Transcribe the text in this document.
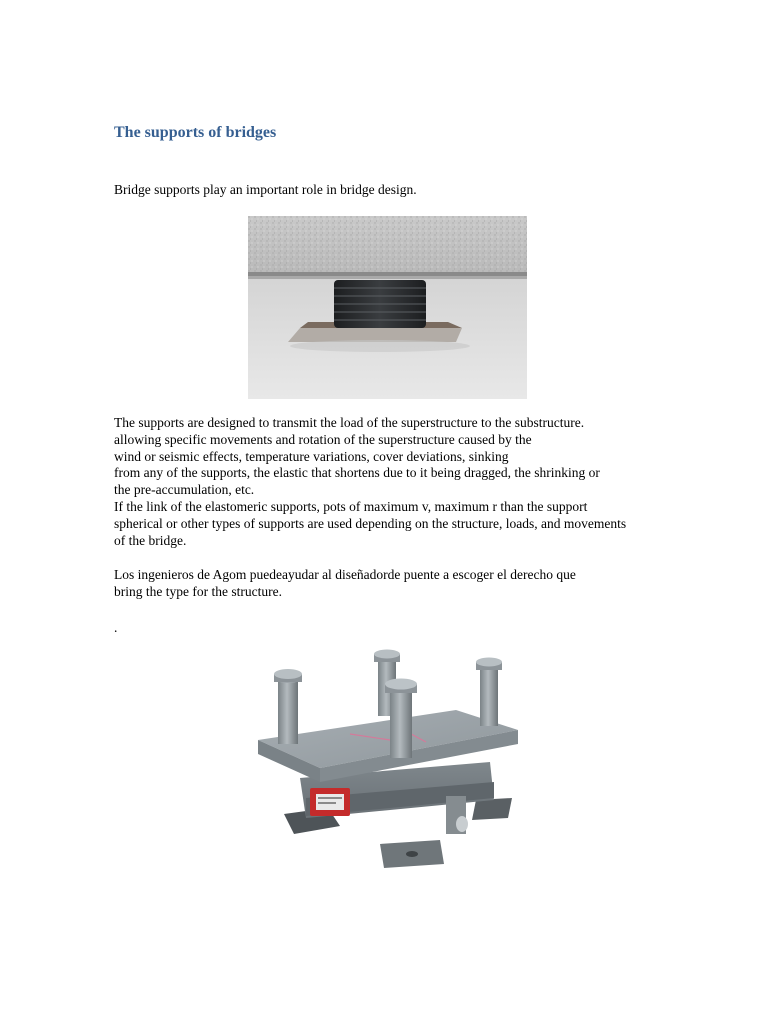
The supports of bridges

Bridge supports play an important role in bridge design.

The supports are designed to transmit the load of the superstructure to the substructure.
allowing specific movements and rotation of the superstructure caused by the
wind or seismic effects, temperature variations, cover deviations, sinking
from any of the supports, the elastic that shortens due to it being dragged, the shrinking or
the pre-accumulation, etc.
If the link of the elastomeric supports, pots of maximum v, maximum r than the support
spherical or other types of supports are used depending on the structure, loads, and movements
of the bridge.
Los ingenieros de Agom puedeayudar al diseñadorde puente a escoger el derecho que
bring the type for the structure.

.
